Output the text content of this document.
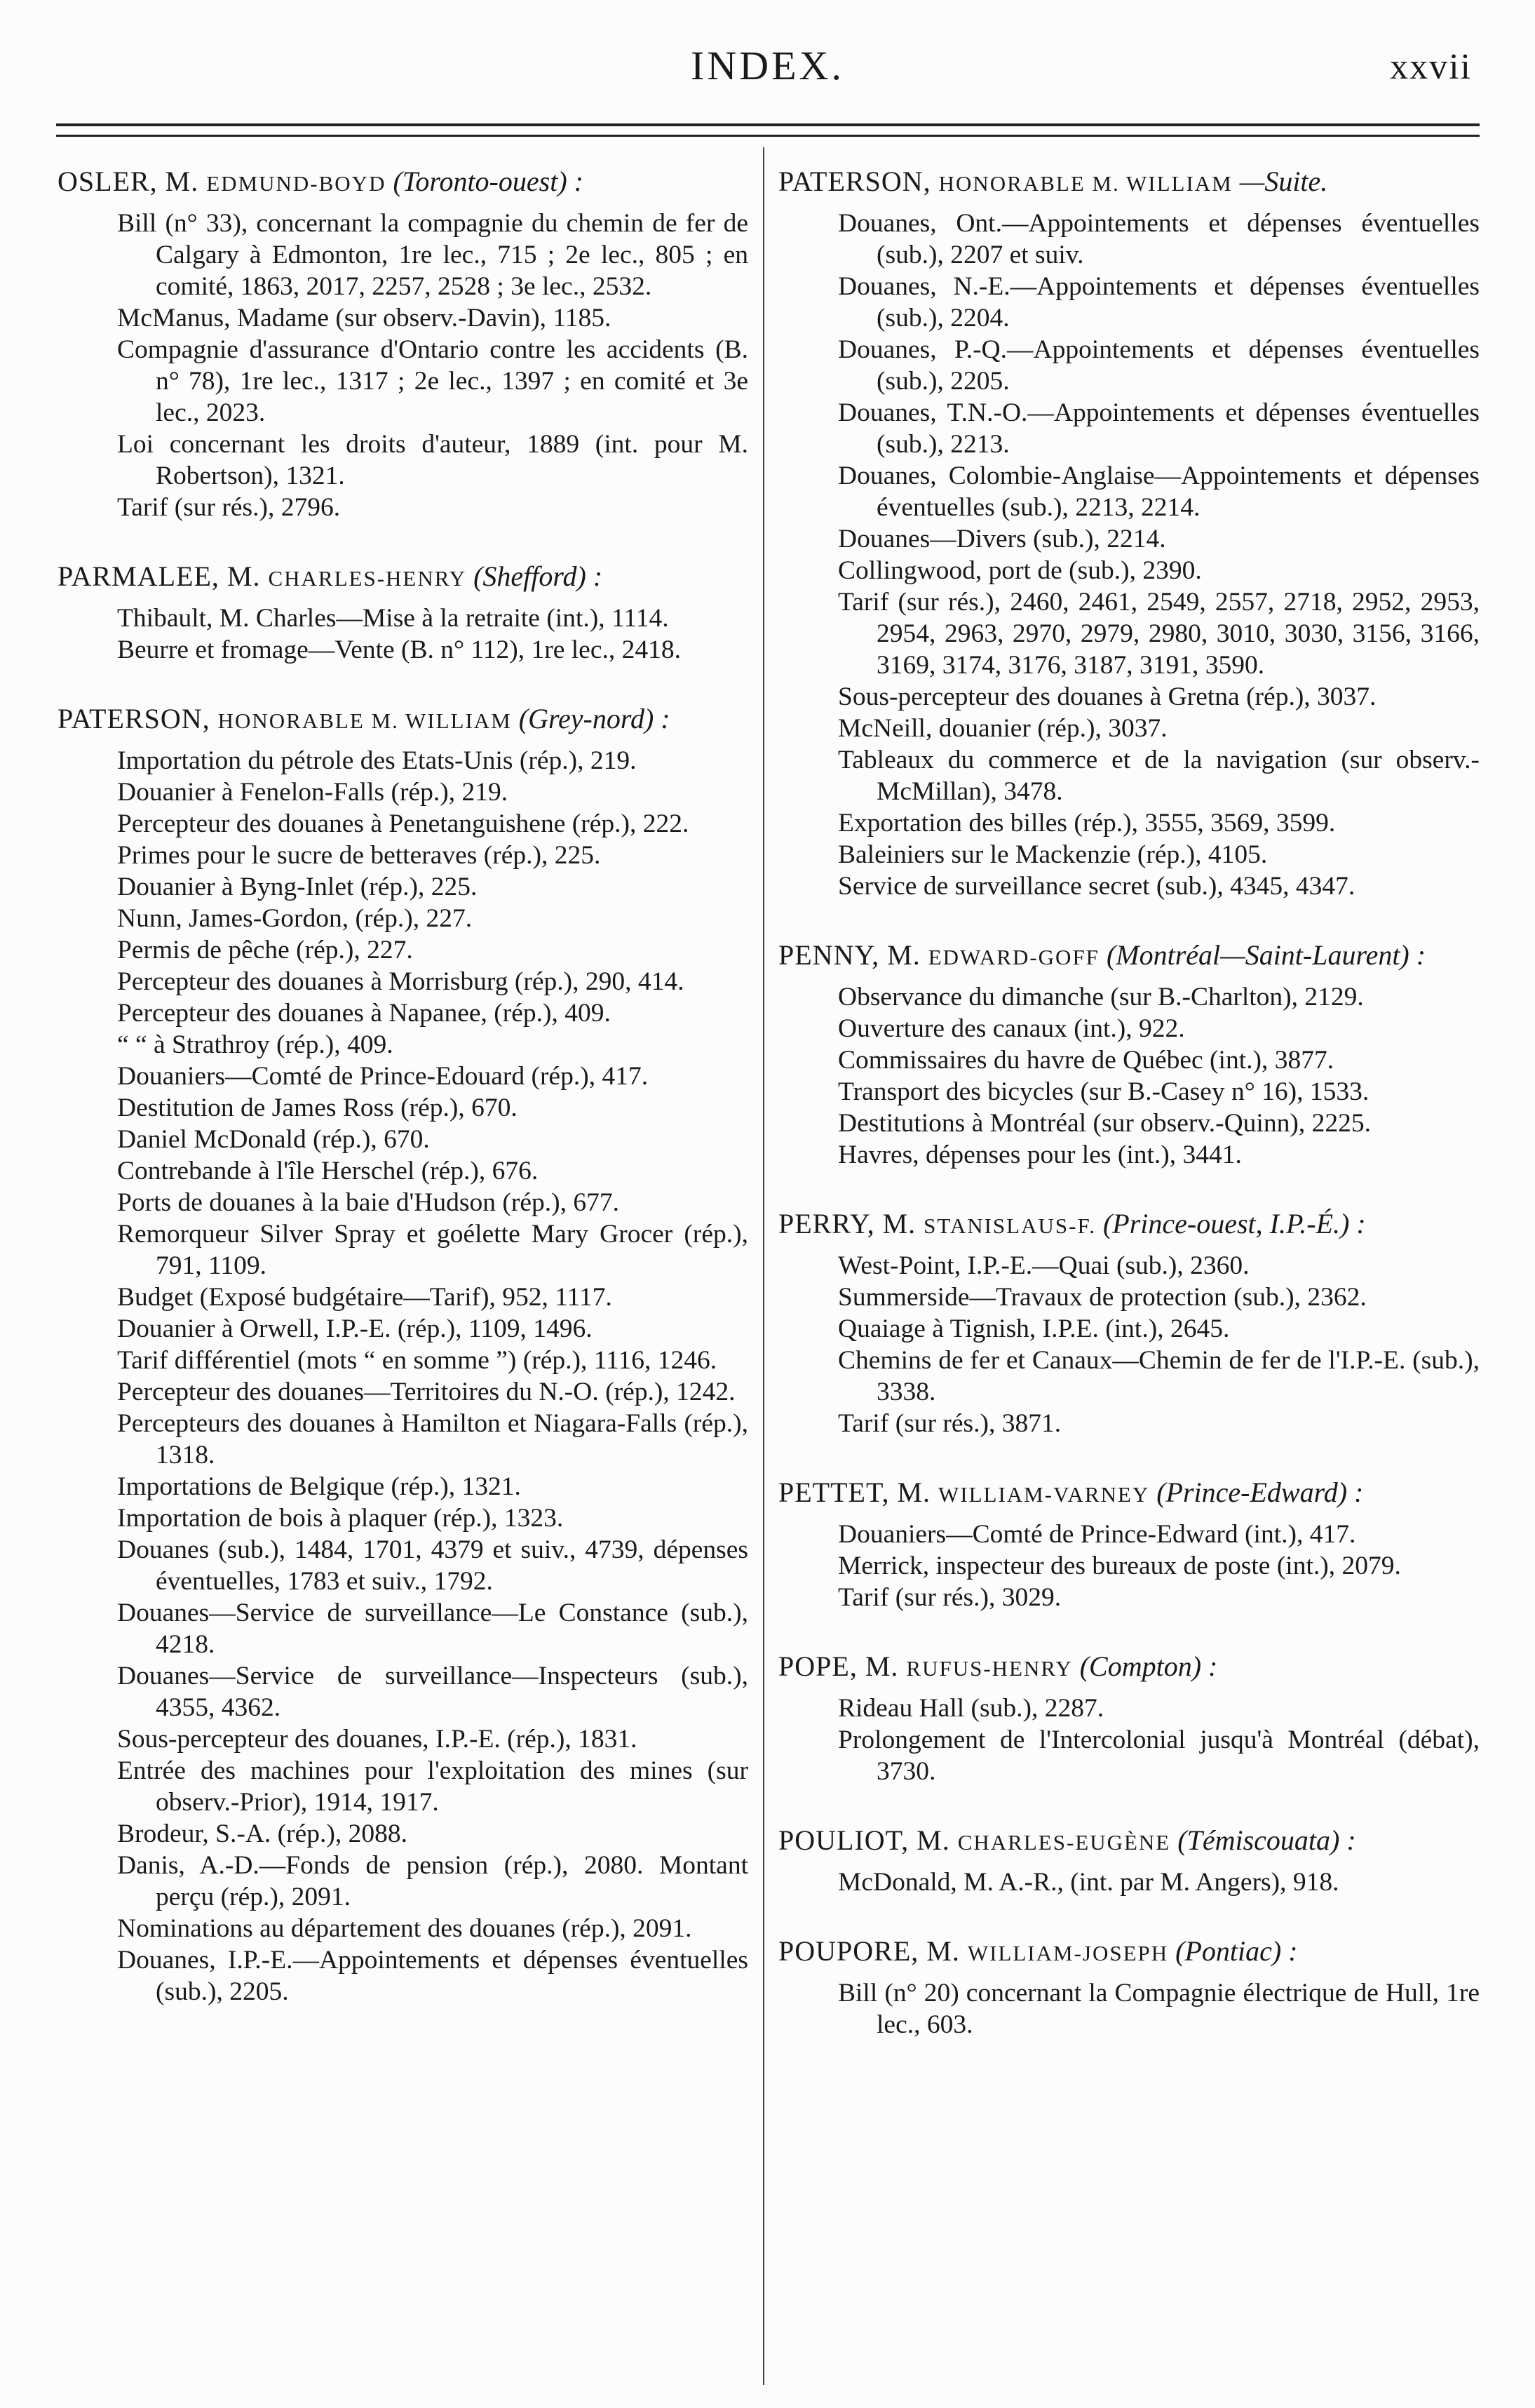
INDEX.	xxvii

OSLER, M. EDMUND-BOYD (Toronto-ouest) :

Bill (n° 33), concernant la compagnie du chemin de fer de Calgary à Edmonton, 1re lec., 715 ; 2e lec., 805 ; en comité, 1863, 2017, 2257, 2528 ; 3e lec., 2532.
McManus, Madame (sur observ.-Davin), 1185.
Compagnie d'assurance d'Ontario contre les accidents (B. n° 78), 1re lec., 1317 ; 2e lec., 1397 ; en comité et 3e lec., 2023.
Loi concernant les droits d'auteur, 1889 (int. pour M. Robertson), 1321.
Tarif (sur rés.), 2796.

PARMALEE, M. CHARLES-HENRY (Shefford) :

Thibault, M. Charles—Mise à la retraite (int.), 1114.
Beurre et fromage—Vente (B. n° 112), 1re lec., 2418.

PATERSON, HONORABLE M. WILLIAM (Grey-nord) :

Importation du pétrole des Etats-Unis (rép.), 219.
Douanier à Fenelon-Falls (rép.), 219.
Percepteur des douanes à Penetanguishene (rép.), 222.
Primes pour le sucre de betteraves (rép.), 225.
Douanier à Byng-Inlet (rép.), 225.
Nunn, James-Gordon, (rép.), 227.
Permis de pêche (rép.), 227.
Percepteur des douanes à Morrisburg (rép.), 290, 414.
Percepteur des douanes à Napanee, (rép.), 409.
“ “ à Strathroy (rép.), 409.
Douaniers—Comté de Prince-Edouard (rép.), 417.
Destitution de James Ross (rép.), 670.
Daniel McDonald (rép.), 670.
Contrebande à l'île Herschel (rép.), 676.
Ports de douanes à la baie d'Hudson (rép.), 677.
Remorqueur Silver Spray et goélette Mary Grocer (rép.), 791, 1109.
Budget (Exposé budgétaire—Tarif), 952, 1117.
Douanier à Orwell, I.P.-E. (rép.), 1109, 1496.
Tarif différentiel (mots “ en somme ”) (rép.), 1116, 1246.
Percepteur des douanes—Territoires du N.-O. (rép.), 1242.
Percepteurs des douanes à Hamilton et Niagara-Falls (rép.), 1318.
Importations de Belgique (rép.), 1321.
Importation de bois à plaquer (rép.), 1323.
Douanes (sub.), 1484, 1701, 4379 et suiv., 4739, dépenses éventuelles, 1783 et suiv., 1792.
Douanes—Service de surveillance—Le Constance (sub.), 4218.
Douanes—Service de surveillance—Inspecteurs (sub.), 4355, 4362.
Sous-percepteur des douanes, I.P.-E. (rép.), 1831.
Entrée des machines pour l'exploitation des mines (sur observ.-Prior), 1914, 1917.
Brodeur, S.-A. (rép.), 2088.
Danis, A.-D.—Fonds de pension (rép.), 2080. Montant perçu (rép.), 2091.
Nominations au département des douanes (rép.), 2091.
Douanes, I.P.-E.—Appointements et dépenses éventuelles (sub.), 2205.

PATERSON, HONORABLE M. WILLIAM —Suite.

Douanes, Ont.—Appointements et dépenses éventuelles (sub.), 2207 et suiv.
Douanes, N.-E.—Appointements et dépenses éventuelles (sub.), 2204.
Douanes, P.-Q.—Appointements et dépenses éventuelles (sub.), 2205.
Douanes, T.N.-O.—Appointements et dépenses éventuelles (sub.), 2213.
Douanes, Colombie-Anglaise—Appointements et dépenses éventuelles (sub.), 2213, 2214.
Douanes—Divers (sub.), 2214.
Collingwood, port de (sub.), 2390.
Tarif (sur rés.), 2460, 2461, 2549, 2557, 2718, 2952, 2953, 2954, 2963, 2970, 2979, 2980, 3010, 3030, 3156, 3166, 3169, 3174, 3176, 3187, 3191, 3590.
Sous-percepteur des douanes à Gretna (rép.), 3037.
McNeill, douanier (rép.), 3037.
Tableaux du commerce et de la navigation (sur observ.-McMillan), 3478.
Exportation des billes (rép.), 3555, 3569, 3599.
Baleiniers sur le Mackenzie (rép.), 4105.
Service de surveillance secret (sub.), 4345, 4347.

PENNY, M. EDWARD-GOFF (Montréal—Saint-Laurent) :

Observance du dimanche (sur B.-Charlton), 2129.
Ouverture des canaux (int.), 922.
Commissaires du havre de Québec (int.), 3877.
Transport des bicycles (sur B.-Casey n° 16), 1533.
Destitutions à Montréal (sur observ.-Quinn), 2225.
Havres, dépenses pour les (int.), 3441.

PERRY, M. STANISLAUS-F. (Prince-ouest, I.P.-É.) :

West-Point, I.P.-E.—Quai (sub.), 2360.
Summerside—Travaux de protection (sub.), 2362.
Quaiage à Tignish, I.P.E. (int.), 2645.
Chemins de fer et Canaux—Chemin de fer de l'I.P.-E. (sub.), 3338.
Tarif (sur rés.), 3871.

PETTET, M. WILLIAM-VARNEY (Prince-Edward) :

Douaniers—Comté de Prince-Edward (int.), 417.
Merrick, inspecteur des bureaux de poste (int.), 2079.
Tarif (sur rés.), 3029.

POPE, M. RUFUS-HENRY (Compton) :

Rideau Hall (sub.), 2287.
Prolongement de l'Intercolonial jusqu'à Montréal (débat), 3730.

POULIOT, M. CHARLES-EUGÈNE (Témiscouata) :

McDonald, M. A.-R., (int. par M. Angers), 918.

POUPORE, M. WILLIAM-JOSEPH (Pontiac) :

Bill (n° 20) concernant la Compagnie électrique de Hull, 1re lec., 603.
